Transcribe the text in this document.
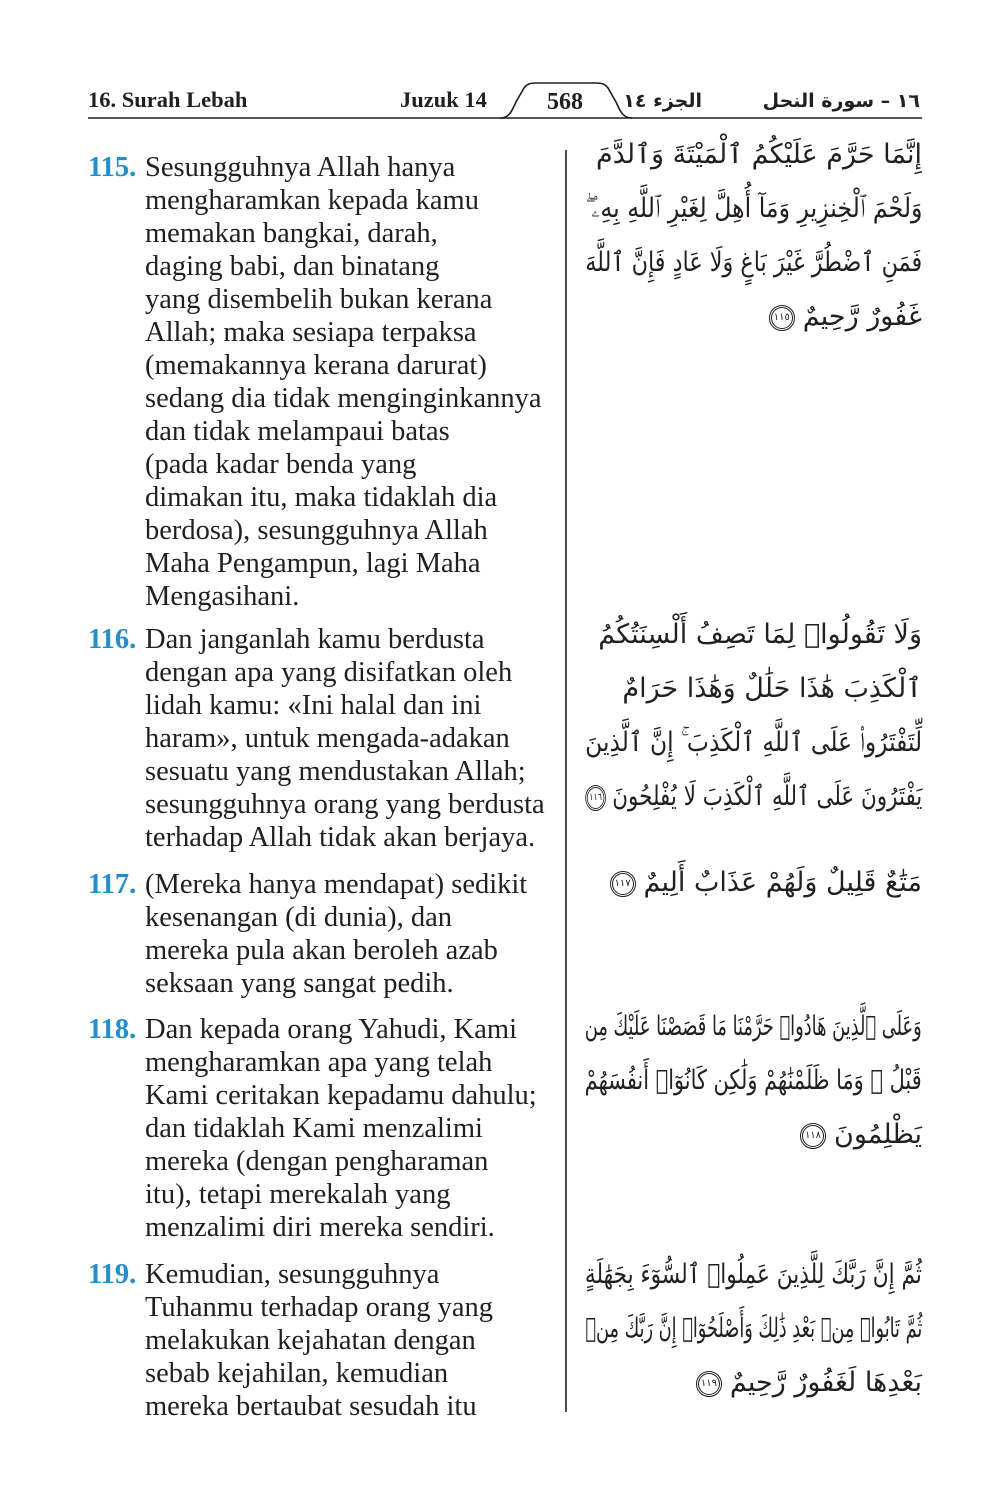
16. Surah Lebah	Juzuk 14	568	الجزء ١٤	١٦ – سورة النحل
115. Sesungguhnya Allah hanya
mengharamkan kepada kamu
memakan bangkai, darah,
daging babi, dan binatang
yang disembelih bukan kerana
Allah; maka sesiapa terpaksa
(memakannya kerana darurat)
sedang dia tidak menginginkannya
dan tidak melampaui batas
(pada kadar benda yang
dimakan itu, maka tidaklah dia
berdosa), sesungguhnya Allah
Maha Pengampun, lagi Maha
Mengasihani.
إِنَّمَا حَرَّمَ عَلَيْكُمُ ٱلْمَيْتَةَ وَٱلدَّمَ
وَلَحْمَ ٱلْخِنزِيرِ وَمَآ أُهِلَّ لِغَيْرِ ٱللَّهِ بِهِۦ ۖ
فَمَنِ ٱضْطُرَّ غَيْرَ بَاغٍ وَلَا عَادٍ فَإِنَّ ٱللَّهَ
غَفُورٌ رَّحِيمٌ١١٥
116. Dan janganlah kamu berdusta
dengan apa yang disifatkan oleh
lidah kamu: «Ini halal dan ini
haram», untuk mengada-adakan
sesuatu yang mendustakan Allah;
sesungguhnya orang yang berdusta
terhadap Allah tidak akan berjaya.
وَلَا تَقُولُوا۟ لِمَا تَصِفُ أَلْسِنَتُكُمُ
ٱلْكَذِبَ هَٰذَا حَلَٰلٌ وَهَٰذَا حَرَامٌ
لِّتَفْتَرُوا۟ عَلَى ٱللَّهِ ٱلْكَذِبَ ۚ إِنَّ ٱلَّذِينَ
يَفْتَرُونَ عَلَى ٱللَّهِ ٱلْكَذِبَ لَا يُفْلِحُونَ١١٦
117. (Mereka hanya mendapat) sedikit
kesenangan (di dunia), dan
mereka pula akan beroleh azab
seksaan yang sangat pedih.
مَتَٰعٌ قَلِيلٌ وَلَهُمْ عَذَابٌ أَلِيمٌ١١٧
118. Dan kepada orang Yahudi, Kami
mengharamkan apa yang telah
Kami ceritakan kepadamu dahulu;
dan tidaklah Kami menzalimi
mereka (dengan pengharaman
itu), tetapi merekalah yang
menzalimi diri mereka sendiri.
وَعَلَى ٱلَّذِينَ هَادُوا۟ حَرَّمْنَا مَا قَصَصْنَا عَلَيْكَ مِن
قَبْلُ ۖ وَمَا ظَلَمْنَٰهُمْ وَلَٰكِن كَانُوٓا۟ أَنفُسَهُمْ
يَظْلِمُونَ١١٨
119. Kemudian, sesungguhnya
Tuhanmu terhadap orang yang
melakukan kejahatan dengan
sebab kejahilan, kemudian
mereka bertaubat sesudah itu
ثُمَّ إِنَّ رَبَّكَ لِلَّذِينَ عَمِلُوا۟ ٱلسُّوٓءَ بِجَهَٰلَةٍ
ثُمَّ تَابُوا۟ مِنۢ بَعْدِ ذَٰلِكَ وَأَصْلَحُوٓا۟ إِنَّ رَبَّكَ مِنۢ
بَعْدِهَا لَغَفُورٌ رَّحِيمٌ١١٩
